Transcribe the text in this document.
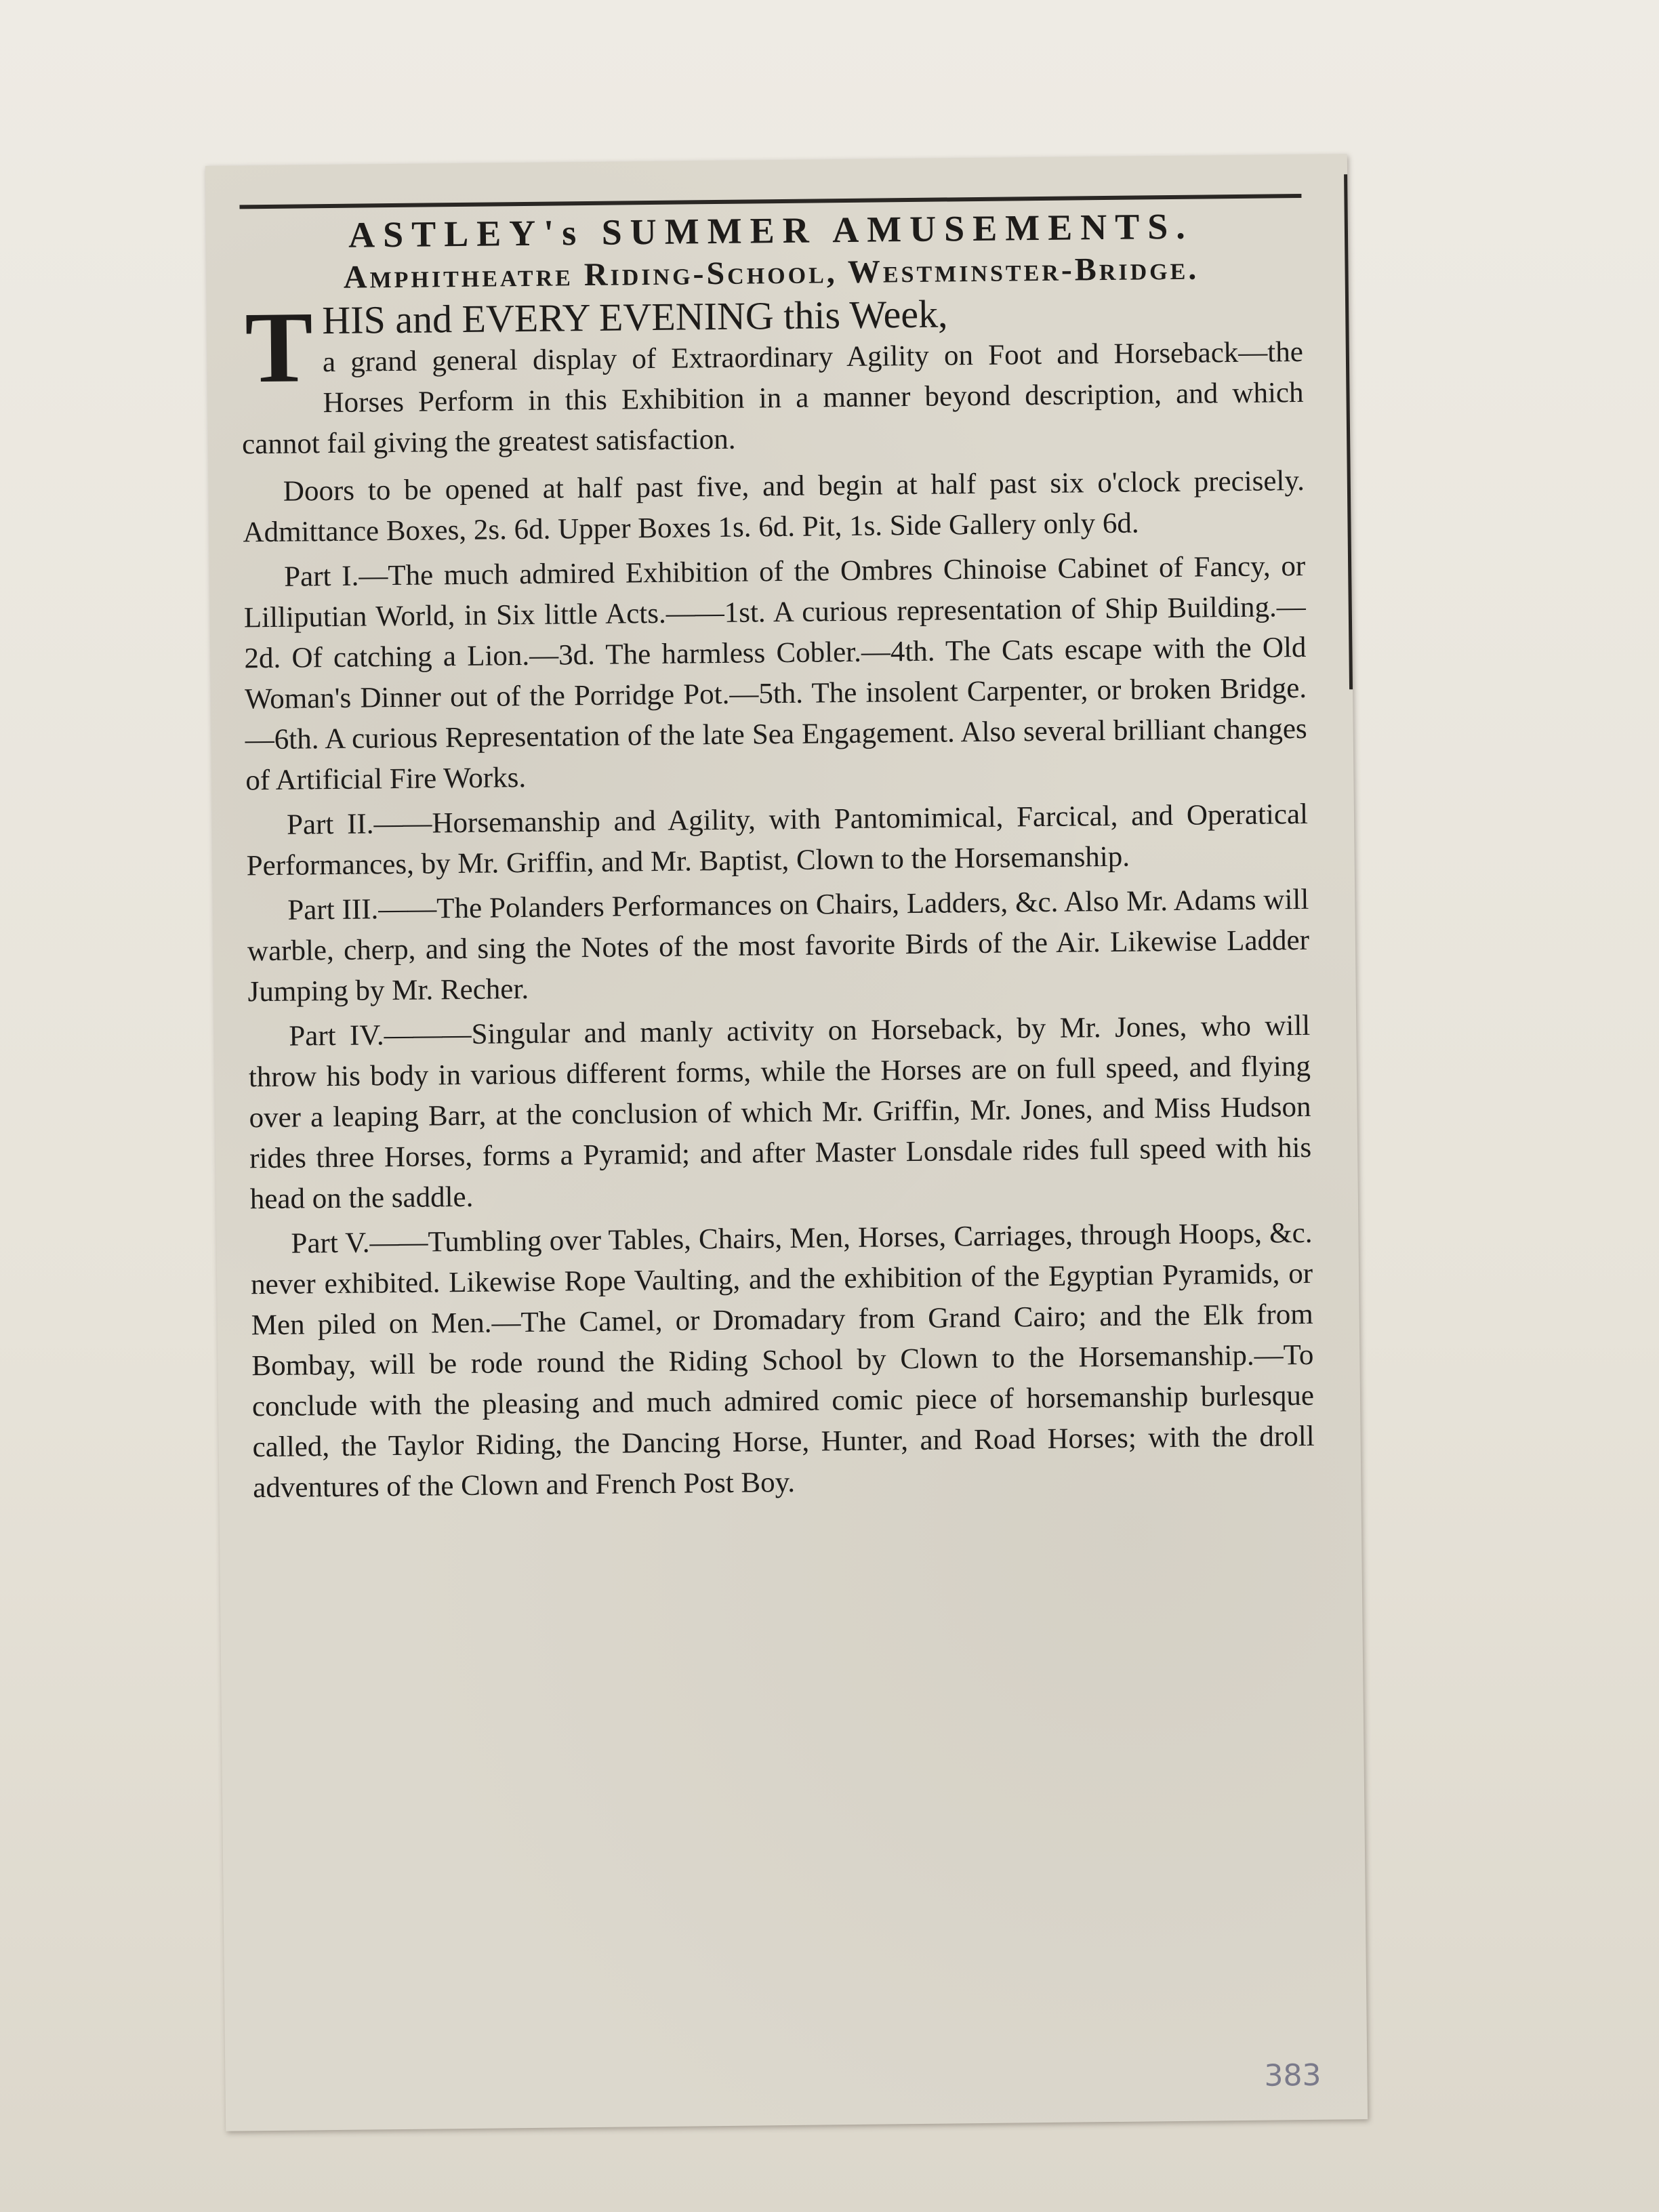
ASTLEY's SUMMER AMUSEMENTS.
Amphitheatre Riding-School, Westminster-Bridge.
T HIS and EVERY EVENING this Week,
a grand general display of Extraordinary Agility on Foot and Horseback—the Horses Perform in this Exhibition in a manner beyond description, and which cannot fail giving the greatest satisfaction.

Doors to be opened at half past five, and begin at half past six o'clock precisely. Admittance Boxes, 2s. 6d. Upper Boxes 1s. 6d. Pit, 1s. Side Gallery only 6d.

Part I.—The much admired Exhibition of the Ombres Chinoise Cabinet of Fancy, or Lilliputian World, in Six little Acts.——1st. A curious representation of Ship Building.—2d. Of catching a Lion.—3d. The harmless Cobler.—4th. The Cats escape with the Old Woman's Dinner out of the Porridge Pot.—5th. The insolent Carpenter, or broken Bridge.—6th. A curious Representation of the late Sea Engagement. Also several brilliant changes of Artificial Fire Works.

Part II.——Horsemanship and Agility, with Pantomimical, Farcical, and Operatical Performances, by Mr. Griffin, and Mr. Baptist, Clown to the Horsemanship.

Part III.——The Polanders Performances on Chairs, Ladders, &c. Also Mr. Adams will warble, cherp, and sing the Notes of the most favorite Birds of the Air. Likewise Ladder Jumping by Mr. Recher.

Part IV.———Singular and manly activity on Horseback, by Mr. Jones, who will throw his body in various different forms, while the Horses are on full speed, and flying over a leaping Barr, at the conclusion of which Mr. Griffin, Mr. Jones, and Miss Hudson rides three Horses, forms a Pyramid; and after Master Lonsdale rides full speed with his head on the saddle.

Part V.——Tumbling over Tables, Chairs, Men, Horses, Carriages, through Hoops, &c. never exhibited. Likewise Rope Vaulting, and the exhibition of the Egyptian Pyramids, or Men piled on Men.—The Camel, or Dromadary from Grand Cairo; and the Elk from Bombay, will be rode round the Riding School by Clown to the Horsemanship.—To conclude with the pleasing and much admired comic piece of horsemanship burlesque called, the Taylor Riding, the Dancing Horse, Hunter, and Road Horses; with the droll adventures of the Clown and French Post Boy.

383
